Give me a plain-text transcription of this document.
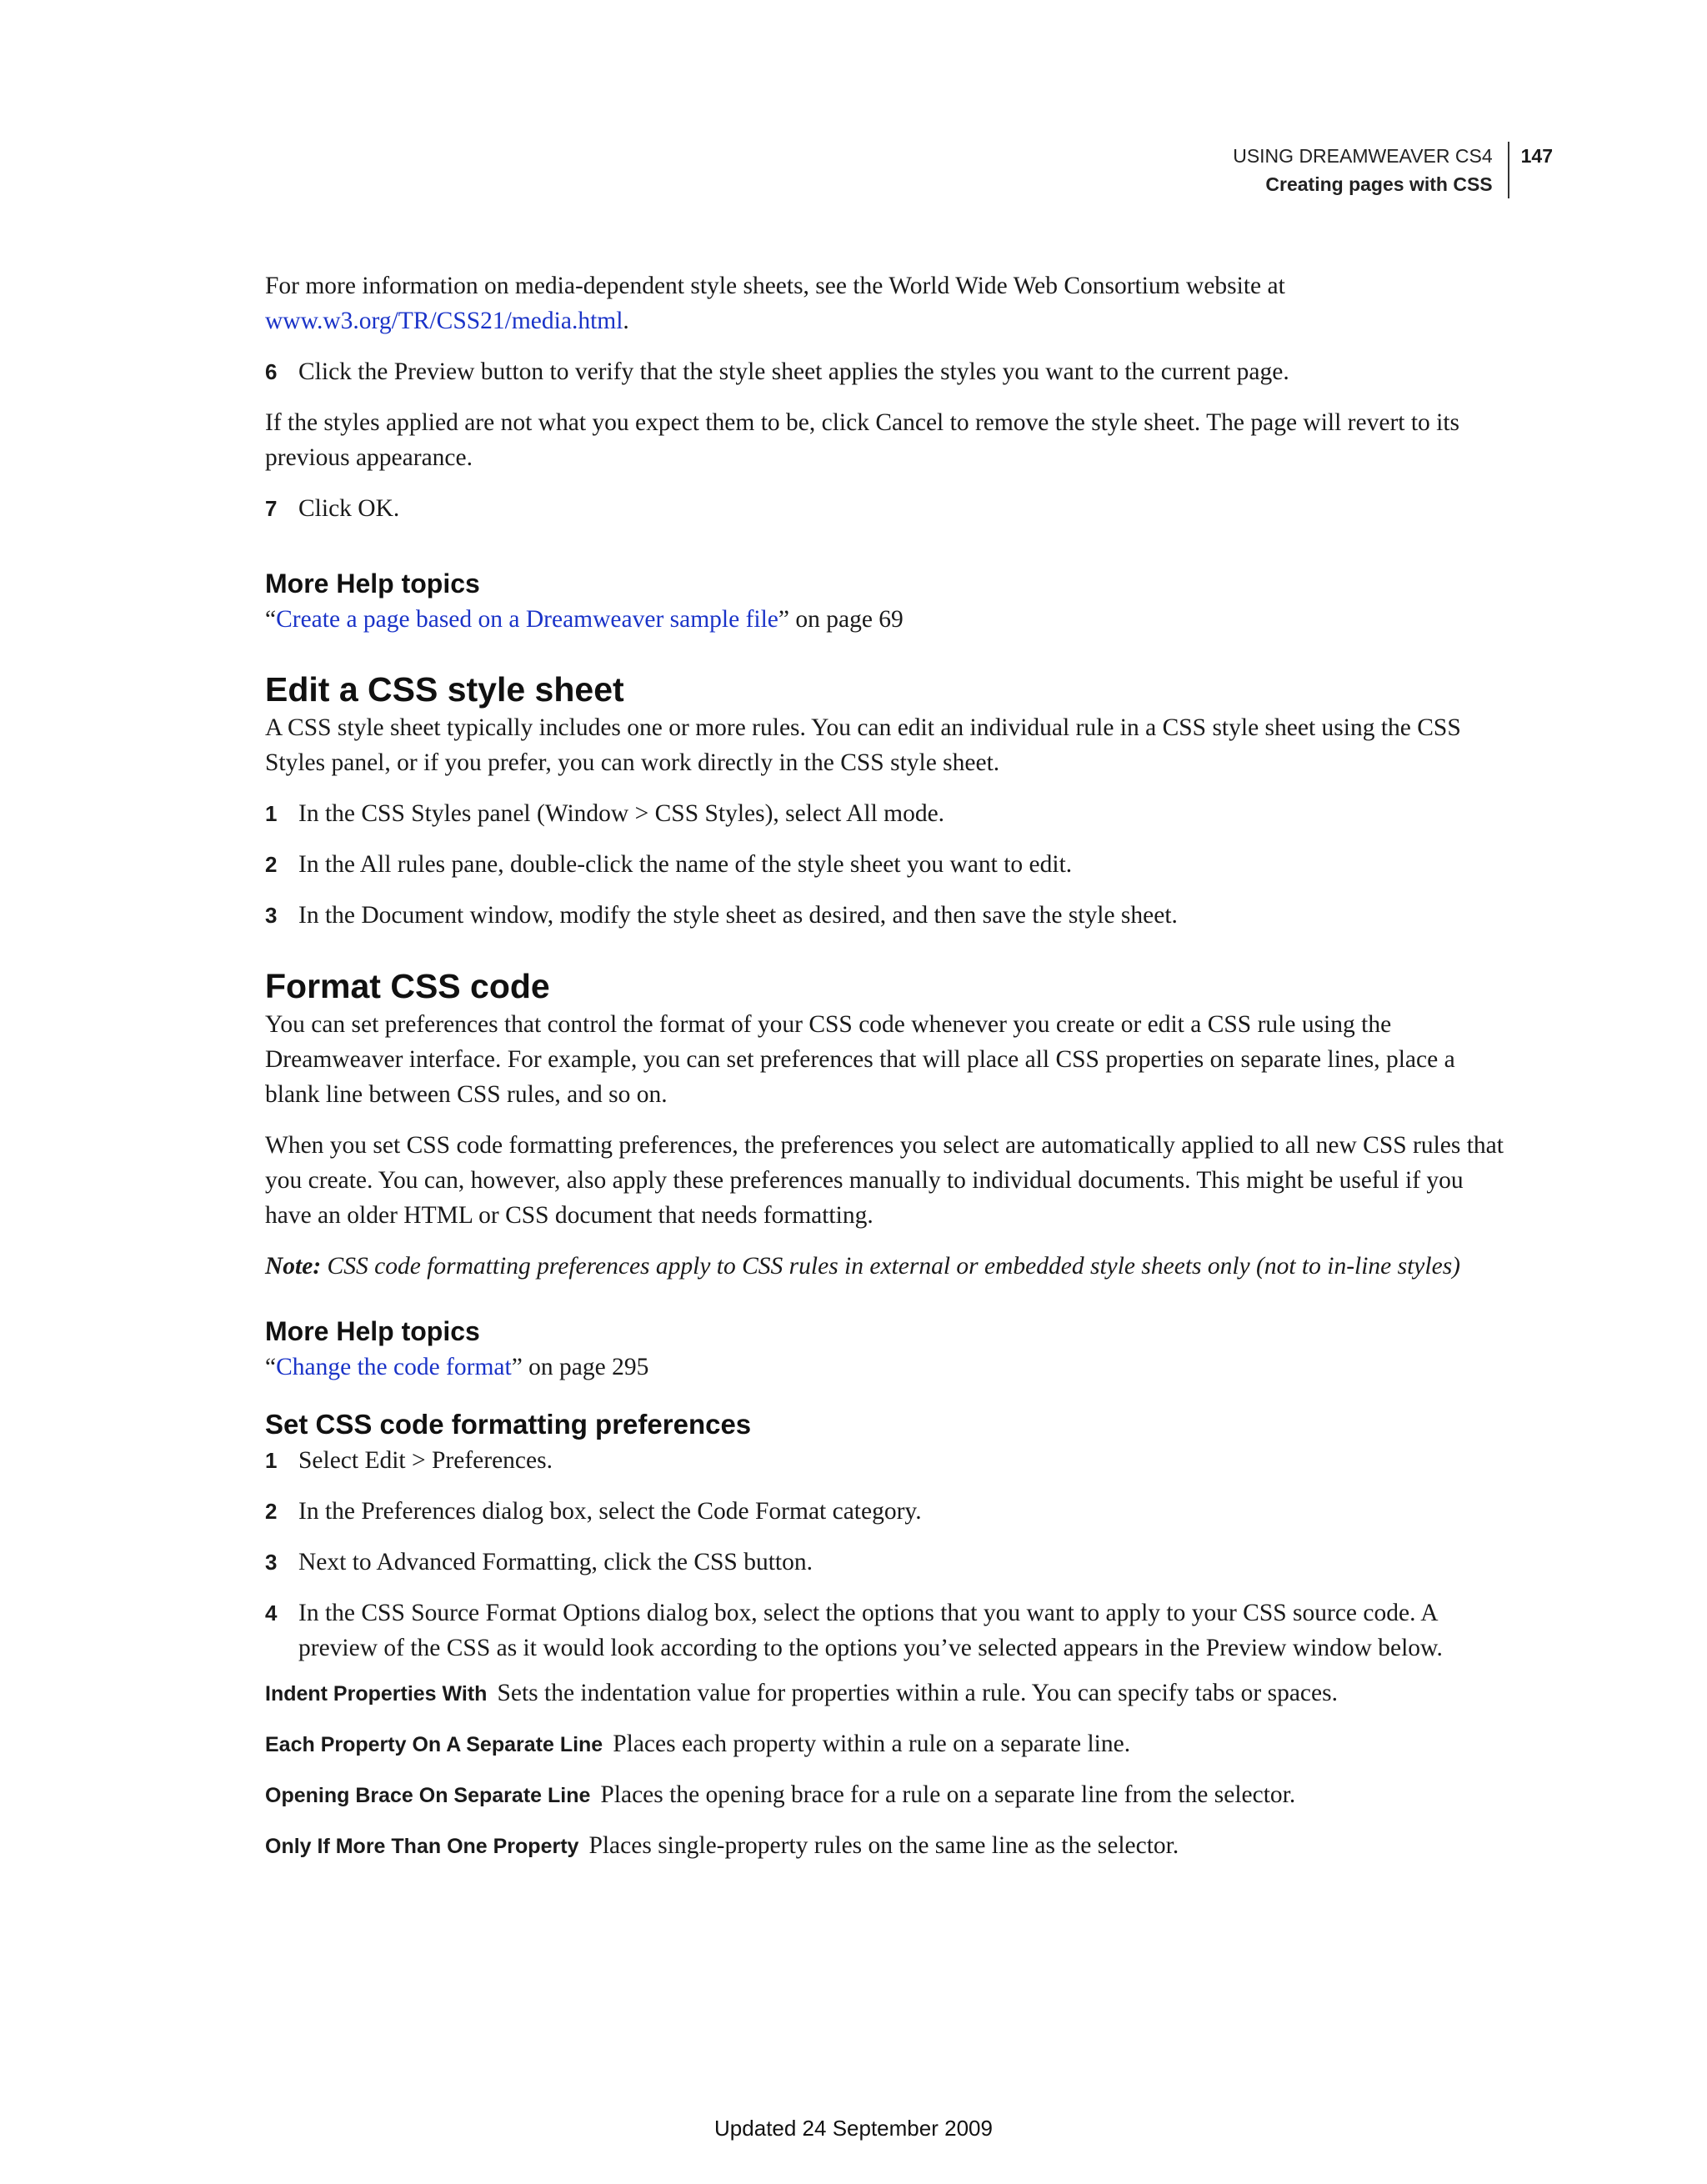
USING DREAMWEAVER CS4
Creating pages with CSS
147

For more information on media-dependent style sheets, see the World Wide Web Consortium website at www.w3.org/TR/CSS21/media.html.

6 Click the Preview button to verify that the style sheet applies the styles you want to the current page.

If the styles applied are not what you expect them to be, click Cancel to remove the style sheet. The page will revert to its previous appearance.

7 Click OK.
More Help topics

“Create a page based on a Dreamweaver sample file” on page 69

Edit a CSS style sheet

A CSS style sheet typically includes one or more rules. You can edit an individual rule in a CSS style sheet using the CSS Styles panel, or if you prefer, you can work directly in the CSS style sheet.

1 In the CSS Styles panel (Window > CSS Styles), select All mode.
2 In the All rules pane, double-click the name of the style sheet you want to edit.
3 In the Document window, modify the style sheet as desired, and then save the style sheet.
Format CSS code

You can set preferences that control the format of your CSS code whenever you create or edit a CSS rule using the Dreamweaver interface. For example, you can set preferences that will place all CSS properties on separate lines, place a blank line between CSS rules, and so on.

When you set CSS code formatting preferences, the preferences you select are automatically applied to all new CSS rules that you create. You can, however, also apply these preferences manually to individual documents. This might be useful if you have an older HTML or CSS document that needs formatting.

Note: CSS code formatting preferences apply to CSS rules in external or embedded style sheets only (not to in-line styles)

More Help topics

“Change the code format” on page 295

Set CSS code formatting preferences
1 Select Edit > Preferences.
2 In the Preferences dialog box, select the Code Format category.
3 Next to Advanced Formatting, click the CSS button.
4 In the CSS Source Format Options dialog box, select the options that you want to apply to your CSS source code. A preview of the CSS as it would look according to the options you’ve selected appears in the Preview window below.

Indent Properties With Sets the indentation value for properties within a rule. You can specify tabs or spaces.

Each Property On A Separate Line Places each property within a rule on a separate line.

Opening Brace On Separate Line Places the opening brace for a rule on a separate line from the selector.

Only If More Than One Property Places single-property rules on the same line as the selector.

Updated 24 September 2009
